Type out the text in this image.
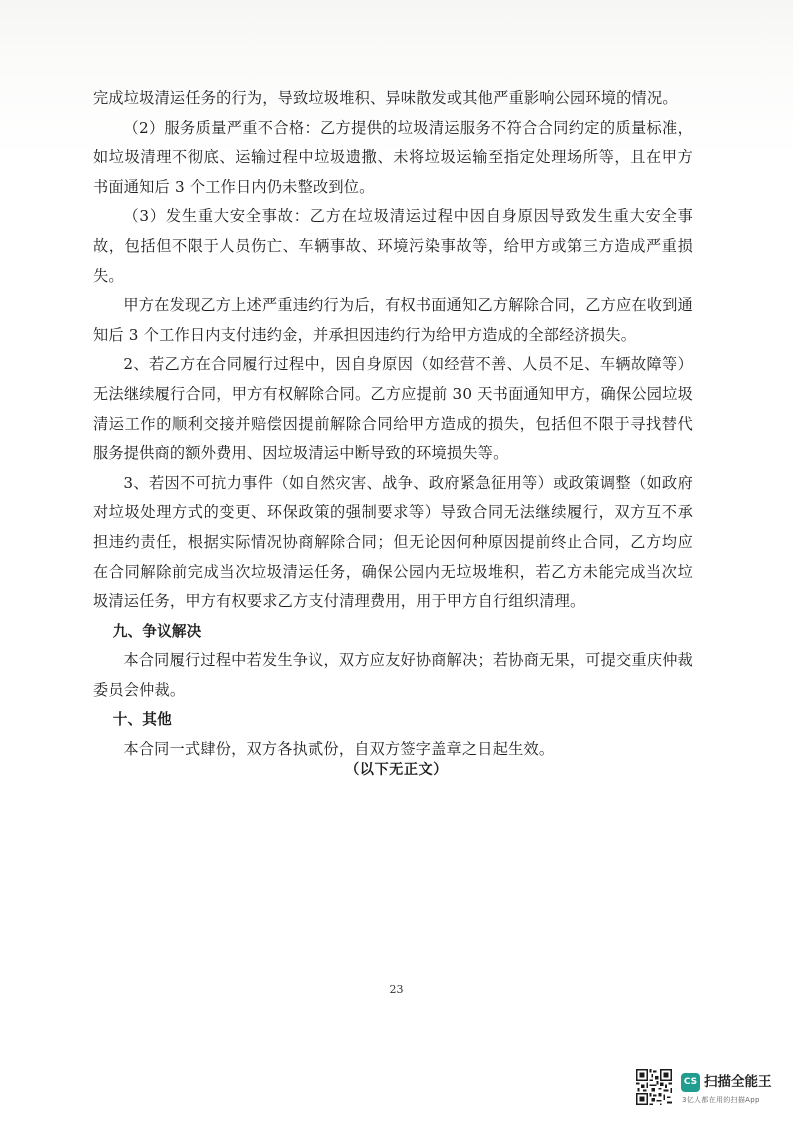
完成垃圾清运任务的行为，导致垃圾堆积、异味散发或其他严重影响公园环境的情况。

（2）服务质量严重不合格：乙方提供的垃圾清运服务不符合合同约定的质量标准，如垃圾清理不彻底、运输过程中垃圾遗撒、未将垃圾运输至指定处理场所等，且在甲方书面通知后 3 个工作日内仍未整改到位。

（3）发生重大安全事故：乙方在垃圾清运过程中因自身原因导致发生重大安全事故，包括但不限于人员伤亡、车辆事故、环境污染事故等，给甲方或第三方造成严重损失。

甲方在发现乙方上述严重违约行为后，有权书面通知乙方解除合同，乙方应在收到通知后 3 个工作日内支付违约金，并承担因违约行为给甲方造成的全部经济损失。

2、若乙方在合同履行过程中，因自身原因（如经营不善、人员不足、车辆故障等）无法继续履行合同，甲方有权解除合同。乙方应提前 30 天书面通知甲方，确保公园垃圾清运工作的顺利交接并赔偿因提前解除合同给甲方造成的损失，包括但不限于寻找替代服务提供商的额外费用、因垃圾清运中断导致的环境损失等。

3、若因不可抗力事件（如自然灾害、战争、政府紧急征用等）或政策调整（如政府对垃圾处理方式的变更、环保政策的强制要求等）导致合同无法继续履行，双方互不承担违约责任，根据实际情况协商解除合同；但无论因何种原因提前终止合同，乙方均应在合同解除前完成当次垃圾清运任务，确保公园内无垃圾堆积，若乙方未能完成当次垃圾清运任务，甲方有权要求乙方支付清理费用，用于甲方自行组织清理。

九、争议解决

本合同履行过程中若发生争议，双方应友好协商解决；若协商无果，可提交重庆仲裁委员会仲裁。

十、其他

本合同一式肆份，双方各执贰份，自双方签字盖章之日起生效。

（以下无正文）
23
CS 扫描全能王
3亿人都在用的扫描App
